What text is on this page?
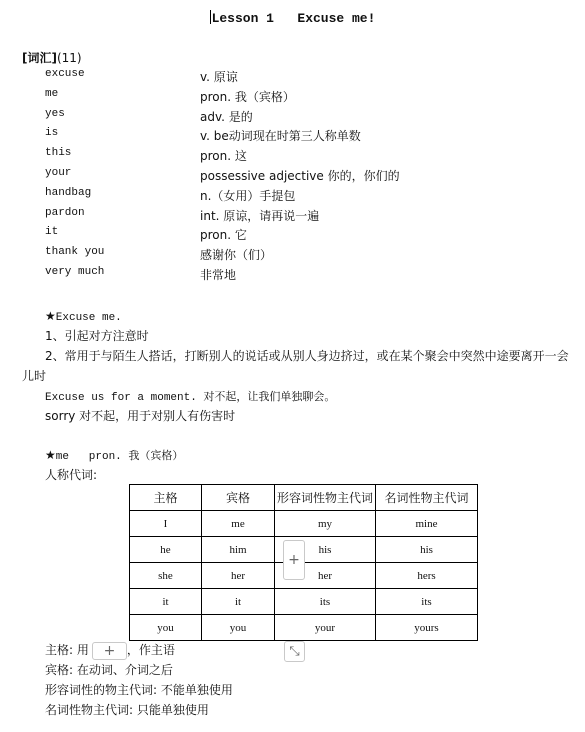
Lesson 1   Excuse me!
[词汇](11)
excuse	v. 原谅
me	pron. 我（宾格）
yes	adv. 是的
is	v. be动词现在时第三人称单数
this	pron. 这
your	possessive adjective 你的，你们的
handbag	n.（女用）手提包
pardon	int. 原谅，请再说一遍
it	pron. 它
thank you	感谢你（们）
very much	非常地
★Excuse me.
1、引起对方注意时
2、常用于与陌生人搭话，打断别人的说话或从别人身边挤过，或在某个聚会中突然中途要离开一会
儿时
Excuse us for a moment. 对不起，让我们单独聊会。
sorry 对不起，用于对别人有伤害时
★me   pron. 我（宾格）
人称代词:
主格	宾格	形容词性物主代词	名词性物主代词
I	me	my	mine
he	him	his	his
she	her	her	hers
it	it	its	its
you	you	your	yours
+
主格: 用	，作主语
+	⤡
宾格: 在动词、介词之后
形容词性的物主代词: 不能单独使用
名词性物主代词: 只能单独使用
